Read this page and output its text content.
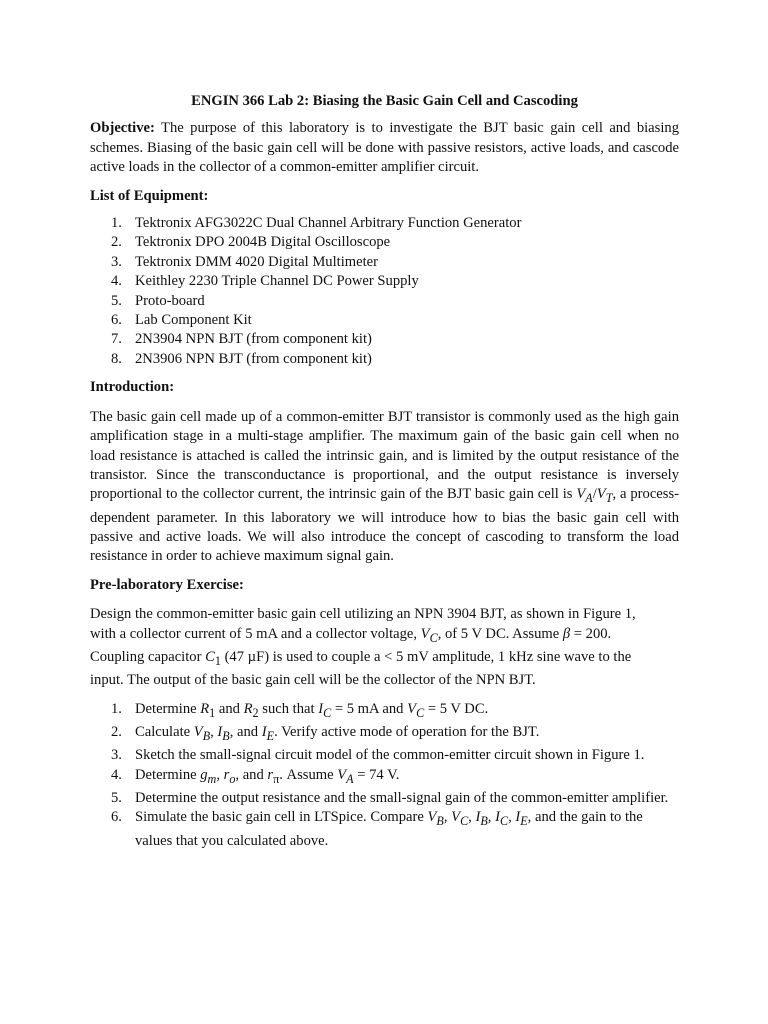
ENGIN 366 Lab 2: Biasing the Basic Gain Cell and Cascoding

Objective: The purpose of this laboratory is to investigate the BJT basic gain cell and biasing schemes. Biasing of the basic gain cell will be done with passive resistors, active loads, and cascode active loads in the collector of a common-emitter amplifier circuit.

List of Equipment:
1. Tektronix AFG3022C Dual Channel Arbitrary Function Generator
2. Tektronix DPO 2004B Digital Oscilloscope
3. Tektronix DMM 4020 Digital Multimeter
4. Keithley 2230 Triple Channel DC Power Supply
5. Proto-board
6. Lab Component Kit
7. 2N3904 NPN BJT (from component kit)
8. 2N3906 NPN BJT (from component kit)
Introduction:

The basic gain cell made up of a common-emitter BJT transistor is commonly used as the high gain amplification stage in a multi-stage amplifier. The maximum gain of the basic gain cell when no load resistance is attached is called the intrinsic gain, and is limited by the output resistance of the transistor. Since the transconductance is proportional, and the output resistance is inversely proportional to the collector current, the intrinsic gain of the BJT basic gain cell is $V_A/V_T$, a process-dependent parameter. In this laboratory we will introduce how to bias the basic gain cell with passive and active loads. We will also introduce the concept of cascoding to transform the load resistance in order to achieve maximum signal gain.

Pre-laboratory Exercise:

Design the common-emitter basic gain cell utilizing an NPN 3904 BJT, as shown in Figure 1,
with a collector current of 5 mA and a collector voltage, $V_C$, of 5 V DC. Assume β = 200.
Coupling capacitor $C_1$ (47 µF) is used to couple a < 5 mV amplitude, 1 kHz sine wave to the
input. The output of the basic gain cell will be the collector of the NPN BJT.

1. Determine $R_1$ and $R_2$ such that $I_C = 5$ mA and $V_C = 5$ V DC.
2. Calculate $V_B$, $I_B$, and $I_E$. Verify active mode of operation for the BJT.
3. Sketch the small-signal circuit model of the common-emitter circuit shown in Figure 1.
4. Determine $g_m$, $r_o$, and $r_\pi$. Assume $V_A = 74$ V.
5. Determine the output resistance and the small-signal gain of the common-emitter amplifier.
6. Simulate the basic gain cell in LTSpice. Compare $V_B$, $V_C$, $I_B$, $I_C$, $I_E$, and the gain to the values that you calculated above.
